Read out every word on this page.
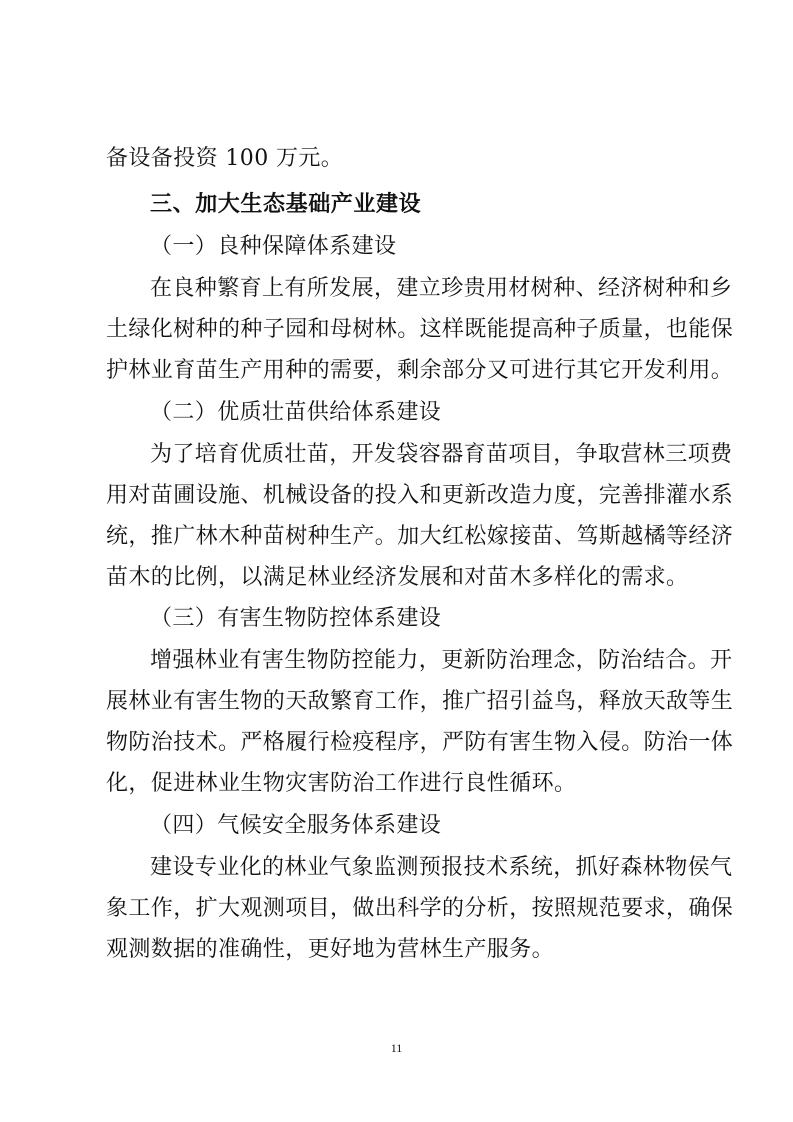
备设备投资 100 万元。
三、加大生态基础产业建设
（一）良种保障体系建设
在良种繁育上有所发展，建立珍贵用材树种、经济树种和乡
土绿化树种的种子园和母树林。这样既能提高种子质量，也能保
护林业育苗生产用种的需要，剩余部分又可进行其它开发利用。
（二）优质壮苗供给体系建设
为了培育优质壮苗，开发袋容器育苗项目，争取营林三项费
用对苗圃设施、机械设备的投入和更新改造力度，完善排灌水系
统，推广林木种苗树种生产。加大红松嫁接苗、笃斯越橘等经济
苗木的比例，以满足林业经济发展和对苗木多样化的需求。
（三）有害生物防控体系建设
增强林业有害生物防控能力，更新防治理念，防治结合。开
展林业有害生物的天敌繁育工作，推广招引益鸟，释放天敌等生
物防治技术。严格履行检疫程序，严防有害生物入侵。防治一体
化，促进林业生物灾害防治工作进行良性循环。
（四）气候安全服务体系建设
建设专业化的林业气象监测预报技术系统，抓好森林物侯气
象工作，扩大观测项目，做出科学的分析，按照规范要求，确保
观测数据的准确性，更好地为营林生产服务。
11
